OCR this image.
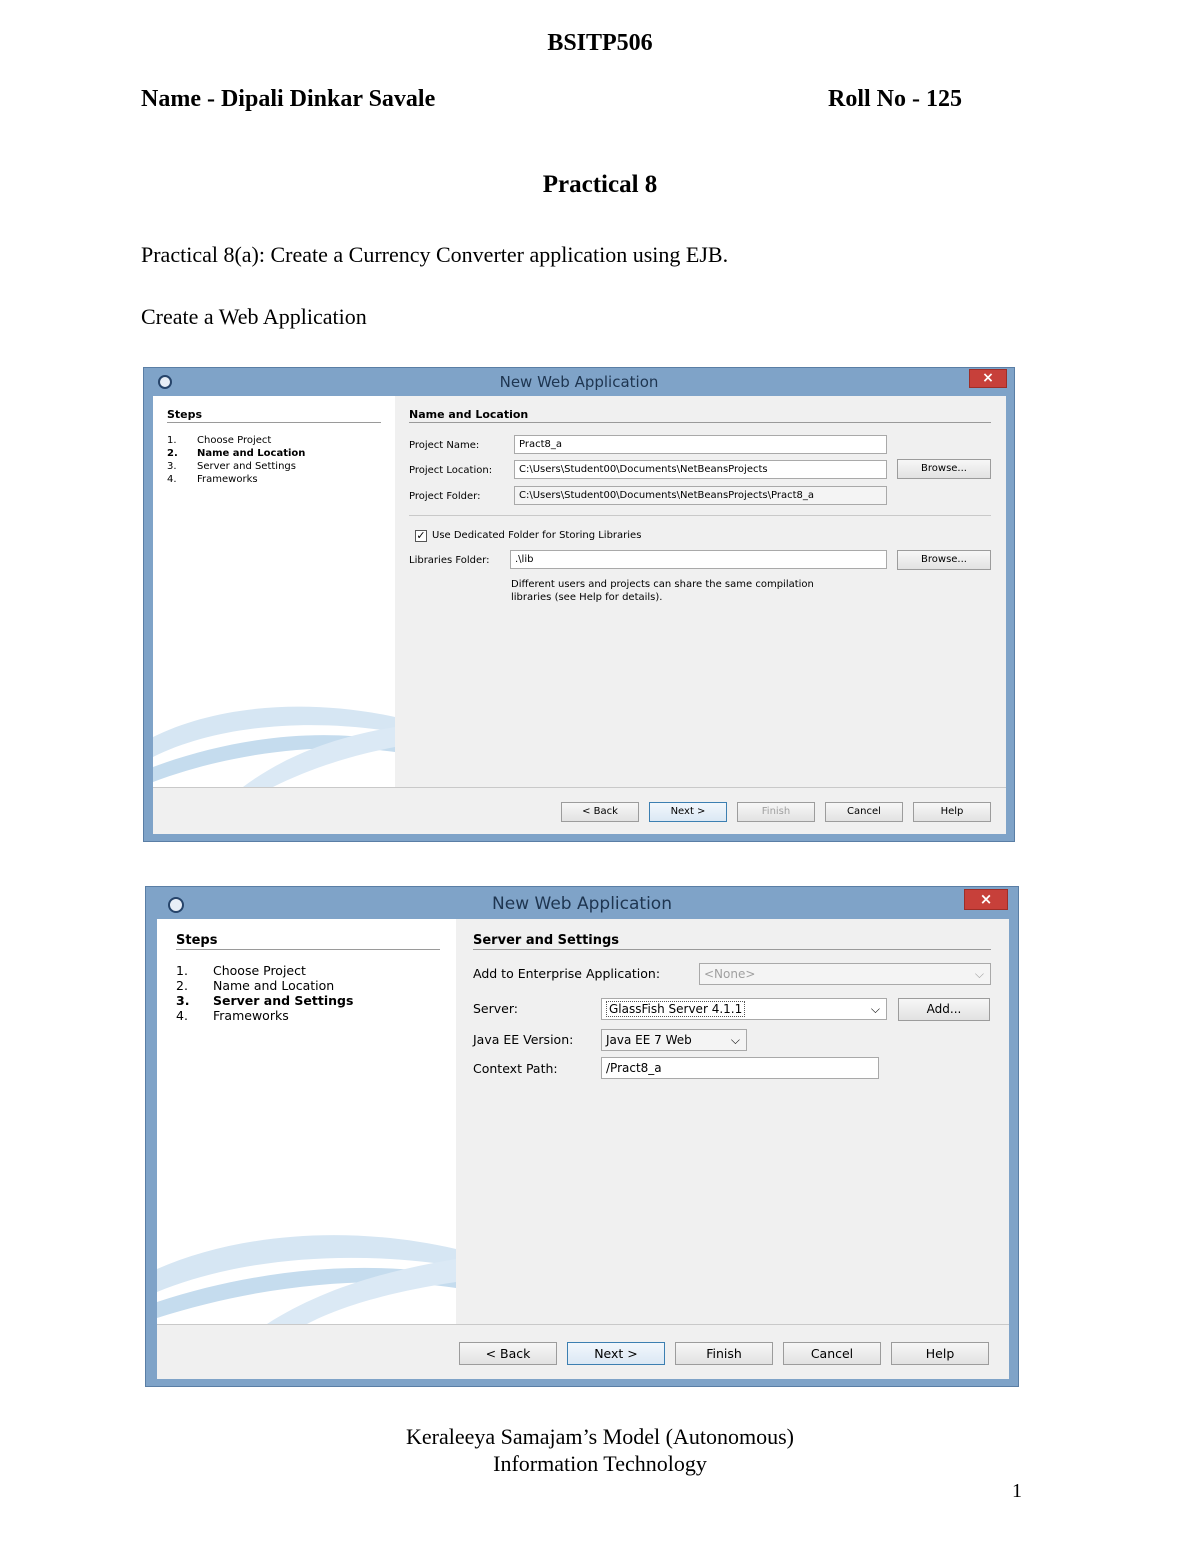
BSITP506
Name - Dipali Dinkar Savale	Roll No - 125
Practical 8
Practical 8(a): Create a Currency Converter application using EJB.
Create a Web Application
New Web Application	×
Steps
1. Choose Project
2. Name and Location
3. Server and Settings
4. Frameworks
Name and Location
Project Name:	Pract8_a
Project Location:	C:\Users\Student00\Documents\NetBeansProjects	Browse...
Project Folder:	C:\Users\Student00\Documents\NetBeansProjects\Pract8_a
✓ Use Dedicated Folder for Storing Libraries
Libraries Folder:	.\lib	Browse...
Different users and projects can share the same compilation
libraries (see Help for details).
< Back	Next >	Finish	Cancel	Help
New Web Application	×
Steps
1. Choose Project
2. Name and Location
3. Server and Settings
4. Frameworks
Server and Settings
Add to Enterprise Application:	<None>	⌵
Server:	GlassFish Server 4.1.1	⌵	Add...
Java EE Version:	Java EE 7 Web	⌵
Context Path:	/Pract8_a
< Back	Next >	Finish	Cancel	Help
Keraleeya Samajam’s Model (Autonomous)
Information Technology
1
